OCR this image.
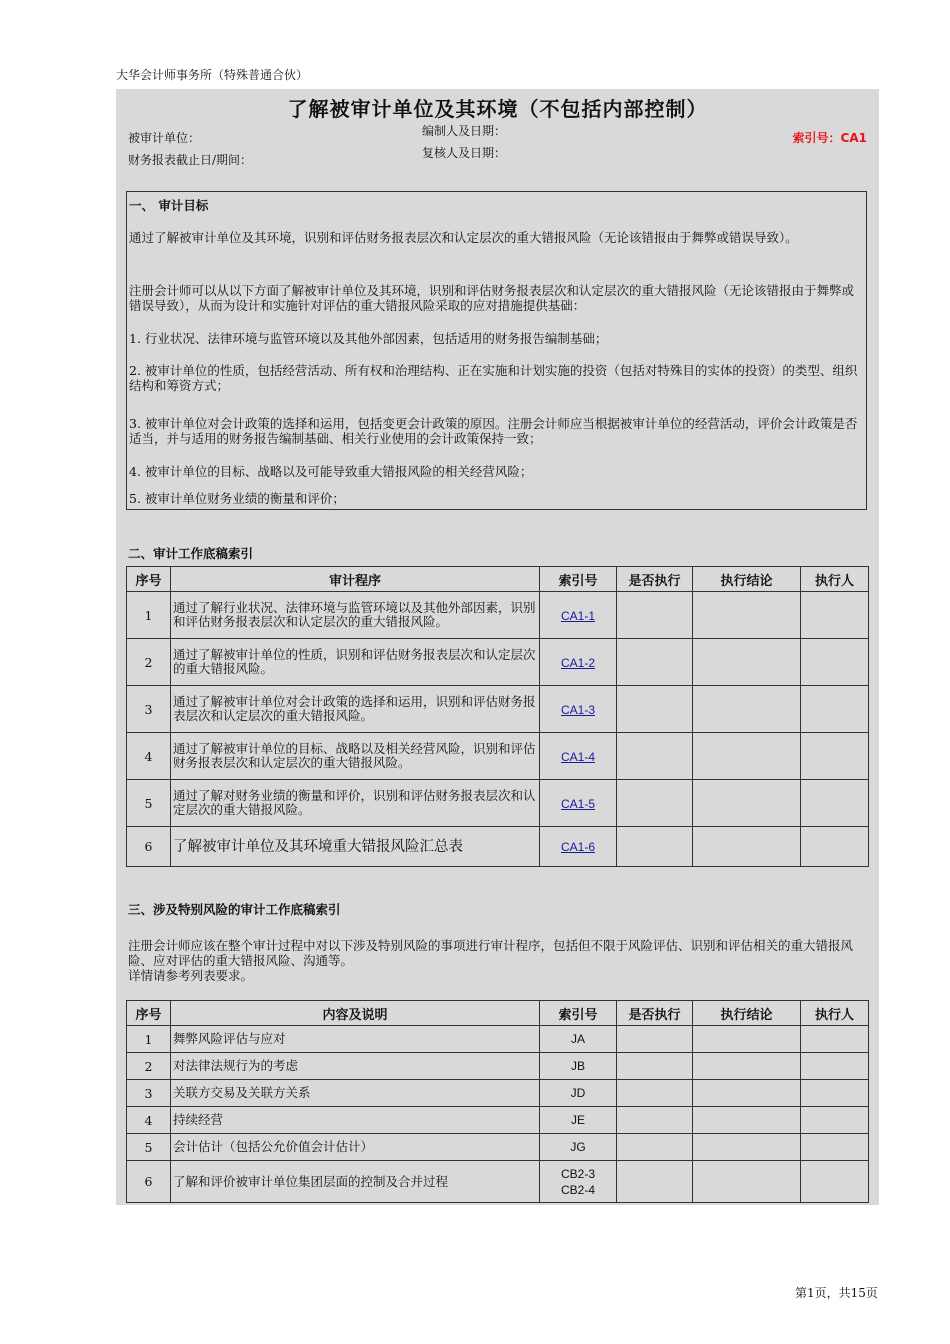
大华会计师事务所（特殊普通合伙）
了解被审计单位及其环境（不包括内部控制）
被审计单位：
财务报表截止日/期间：
编制人及日期：
复核人及日期：
索引号：CA1

一、 审计目标

通过了解被审计单位及其环境，识别和评估财务报表层次和认定层次的重大错报风险（无论该错报由于舞弊或错误导致）。

注册会计师可以从以下方面了解被审计单位及其环境，识别和评估财务报表层次和认定层次的重大错报风险（无论该错报由于舞弊或错误导致），从而为设计和实施针对评估的重大错报风险采取的应对措施提供基础：

1. 行业状况、法律环境与监管环境以及其他外部因素，包括适用的财务报告编制基础；

2. 被审计单位的性质，包括经营活动、所有权和治理结构、正在实施和计划实施的投资（包括对特殊目的实体的投资）的类型、组织结构和筹资方式；

3. 被审计单位对会计政策的选择和运用，包括变更会计政策的原因。注册会计师应当根据被审计单位的经营活动，评价会计政策是否适当，并与适用的财务报告编制基础、相关行业使用的会计政策保持一致；

4. 被审计单位的目标、战略以及可能导致重大错报风险的相关经营风险；

5. 被审计单位财务业绩的衡量和评价；

二、审计工作底稿索引
序号	审计程序	索引号	是否执行	执行结论	执行人
1	通过了解行业状况、法律环境与监管环境以及其他外部因素，识别和评估财务报表层次和认定层次的重大错报风险。	CA1-1			
2	通过了解被审计单位的性质，识别和评估财务报表层次和认定层次的重大错报风险。	CA1-2			
3	通过了解被审计单位对会计政策的选择和运用，识别和评估财务报表层次和认定层次的重大错报风险。	CA1-3			
4	通过了解被审计单位的目标、战略以及相关经营风险，识别和评估财务报表层次和认定层次的重大错报风险。	CA1-4			
5	通过了解对财务业绩的衡量和评价，识别和评估财务报表层次和认定层次的重大错报风险。	CA1-5			
6	了解被审计单位及其环境重大错报风险汇总表	CA1-6			
三、涉及特别风险的审计工作底稿索引
注册会计师应该在整个审计过程中对以下涉及特别风险的事项进行审计程序，包括但不限于风险评估、识别和评估相关的重大错报风险、应对评估的重大错报风险、沟通等。
详情请参考列表要求。
序号	内容及说明	索引号	是否执行	执行结论	执行人
1	舞弊风险评估与应对	JA			
2	对法律法规行为的考虑	JB			
3	关联方交易及关联方关系	JD			
4	持续经营	JE			
5	会计估计（包括公允价值会计估计）	JG			
6	了解和评价被审计单位集团层面的控制及合并过程	CB2-3
CB2-4			

第1页，共15页
